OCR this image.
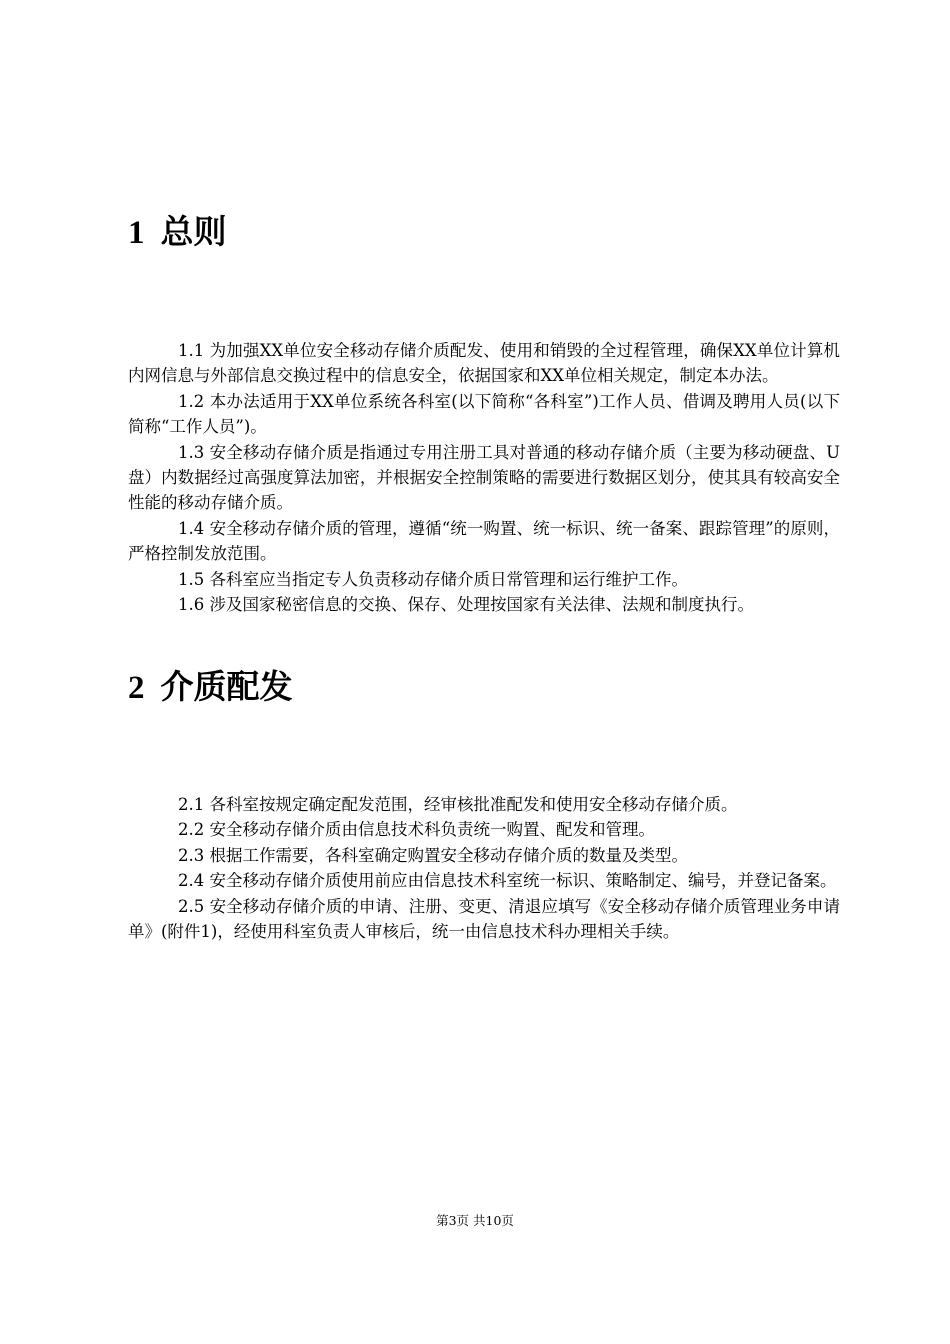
1 总则

1.1 为加强XX单位安全移动存储介质配发、使用和销毁的全过程管理，确保XX单位计算机内网信息与外部信息交换过程中的信息安全，依据国家和XX单位相关规定，制定本办法。

1.2 本办法适用于XX单位系统各科室(以下简称“各科室”)工作人员、借调及聘用人员(以下简称“工作人员”)。

1.3 安全移动存储介质是指通过专用注册工具对普通的移动存储介质（主要为移动硬盘、U盘）内数据经过高强度算法加密，并根据安全控制策略的需要进行数据区划分，使其具有较高安全性能的移动存储介质。

1.4 安全移动存储介质的管理，遵循“统一购置、统一标识、统一备案、跟踪管理”的原则，严格控制发放范围。

1.5 各科室应当指定专人负责移动存储介质日常管理和运行维护工作。

1.6 涉及国家秘密信息的交换、保存、处理按国家有关法律、法规和制度执行。

2 介质配发

2.1 各科室按规定确定配发范围，经审核批准配发和使用安全移动存储介质。

2.2 安全移动存储介质由信息技术科负责统一购置、配发和管理。

2.3 根据工作需要，各科室确定购置安全移动存储介质的数量及类型。

2.4 安全移动存储介质使用前应由信息技术科室统一标识、策略制定、编号，并登记备案。

2.5 安全移动存储介质的申请、注册、变更、清退应填写《安全移动存储介质管理业务申请单》(附件1)，经使用科室负责人审核后，统一由信息技术科办理相关手续。

第3页 共10页
